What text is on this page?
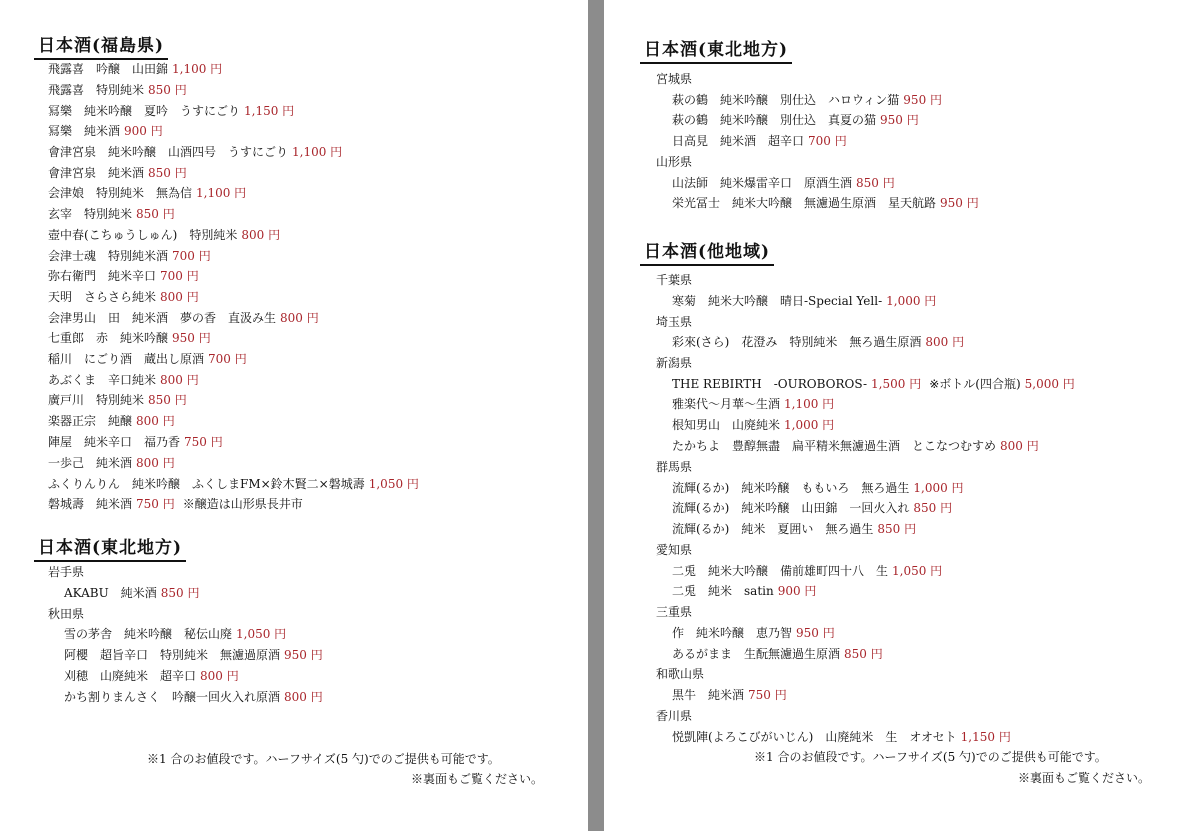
日本酒(福島県)
飛露喜　吟醸　山田錦 1,100 円
飛露喜　特別純米 850 円
冩樂　純米吟醸　夏吟　うすにごり 1,150 円
冩樂　純米酒 900 円
會津宮泉　純米吟醸　山酒四号　うすにごり 1,100 円
會津宮泉　純米酒 850 円
会津娘　特別純米　無為信 1,100 円
玄宰　特別純米 850 円
壺中春(こちゅうしゅん)　特別純米 800 円
会津士魂　特別純米酒 700 円
弥右衛門　純米辛口 700 円
天明　さらさら純米 800 円
会津男山　田　純米酒　夢の香　直汲み生 800 円
七重郎　赤　純米吟醸 950 円
稲川　にごり酒　蔵出し原酒 700 円
あぶくま　辛口純米 800 円
廣戸川　特別純米 850 円
楽器正宗　純醸 800 円
陣屋　純米辛口　福乃香 750 円
一歩己　純米酒 800 円
ふくりんりん　純米吟醸　ふくしまFM×鈴木賢二×磐城壽 1,050 円
磐城壽　純米酒 750 円 ※醸造は山形県長井市
日本酒(東北地方)
岩手県
AKABU　純米酒 850 円
秋田県
雪の茅舎　純米吟醸　秘伝山廃 1,050 円
阿櫻　超旨辛口　特別純米　無濾過原酒 950 円
刈穂　山廃純米　超辛口 800 円
かち割りまんさく　吟醸一回火入れ原酒 800 円
※1 合のお値段です。ハーフサイズ(5 勺)でのご提供も可能です。
※裏面もご覧ください。
日本酒(東北地方)
宮城県
萩の鶴　純米吟醸　別仕込　ハロウィン猫 950 円
萩の鶴　純米吟醸　別仕込　真夏の猫 950 円
日高見　純米酒　超辛口 700 円
山形県
山法師　純米爆雷辛口　原酒生酒 850 円
栄光冨士　純米大吟醸　無濾過生原酒　星天航路 950 円
日本酒(他地域)
千葉県
寒菊　純米大吟醸　晴日-Special Yell- 1,000 円
埼玉県
彩來(さら)　花澄み　特別純米　無ろ過生原酒 800 円
新潟県
THE REBIRTH　-OUROBOROS- 1,500 円 ※ボトル(四合瓶) 5,000 円
雅楽代～月華～生酒 1,100 円
根知男山　山廃純米 1,000 円
たかちよ　豊醇無盡　扁平精米無濾過生酒　とこなつむすめ 800 円
群馬県
流輝(るか)　純米吟醸　ももいろ　無ろ過生 1,000 円
流輝(るか)　純米吟醸　山田錦　一回火入れ 850 円
流輝(るか)　純米　夏囲い　無ろ過生 850 円
愛知県
二兎　純米大吟醸　備前雄町四十八　生 1,050 円
二兎　純米　satin 900 円
三重県
作　純米吟醸　恵乃智 950 円
あるがまま　生酛無濾過生原酒 850 円
和歌山県
黒牛　純米酒 750 円
香川県
悦凱陣(よろこびがいじん)　山廃純米　生　オオセト 1,150 円
※1 合のお値段です。ハーフサイズ(5 勺)でのご提供も可能です。
※裏面もご覧ください。
